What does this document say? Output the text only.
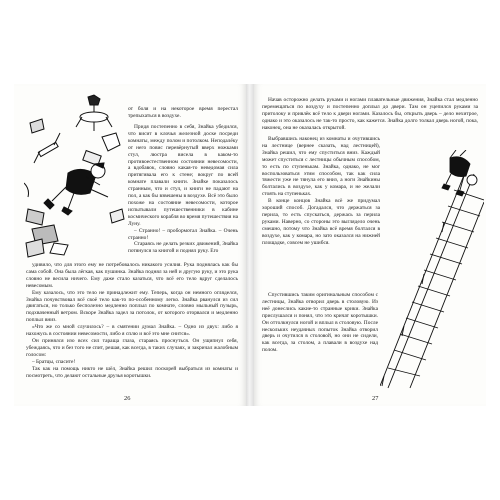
от боля и на некоторое время перестал трепыхаться в воздухе.

Придя постепенно в себя, Знайка убедился, что висит в клочья железной доске посреди комнаты, между полом и потолком. Неподалёку от него повис перевёрнутый вверх ножками стул, люстра висела в каком-то противоестественном состоянии невесомости, а вдобавок, словно какая-то неведомая сила притягивала его к стене; вокруг по всей комнате плавали книги. Знайке показалось странным, что и стул, и книги не падают на пол, а как бы взвешены в воздухе. Всё это было похоже на состояние невесомости, которое испытывали путешественники в кабине космического корабля во время путешествия на Луну.

– Странно! – пробормотал Знайка. – Очень странно!

Стараясь не делать резких движений, Знайка потянулся за книгой и поднял руку. Его

удивило, что для этого ему не потребовалось никакого усилия. Рука поднялась как бы сама собой. Она была лёгкая, как пушинка. Знайка поднял за ней и другую руку, и это рука словно не весила ничего. Ему даже стало казаться, что всё его тело вдруг сделалось невесомым.

Ему казалось, что это тело не принадлежит ему. Теперь, когда он немного огляделся, Знайка почувствовал всё своё тело как-то по-особенному легко. Знайка рванулся из сил двигаться, но только бесполезно медленно поплыл по комнате, словно мыльный пузырь, подхваченный ветром. Вскоре Знайка задел за потолок, от которого оторвался и медленно поплыл вниз.

«Что же со мной случилось? – в смятении думал Знайка. – Одно из двух: либо я нахожусь в состоянии невесомости, либо я сплю и всё это мне снится».

Он принялся изо всех сил тараща глаза, стараясь проснуться. Он ущипнул себя, убеждаясь, что и без того не спит, решая, как всегда, в таких случаях, и закричал жалобным голосом:

– Братцы, спасите!

Так как на помощь никто не шёл, Знайка решил поскорей выбраться из комнаты и посмотреть, что делают остальные друзья коротышки.

26

Начав осторожно делать руками и ногами плавательные движения, Знайка стал медленно перемещаться по воздуху и постепенно доплыл до двери. Там он уцепился руками за притолоку и привлёк всё тело к двери ногами. Казалось бы, открыть дверь – дело нехитрое, однако и это оказалось не так-то просто, как кажется. Знайка долго толкал дверь ногой, пока, наконец, она не оказалась открытой.

Выбравшись наконец из комнаты и очутившись на лестнице (вернее сказать, над лестницей), Знайка решил, что ему спуститься вниз. Каждый может спуститься с лестницы обычным способом, то есть по ступенькам. Знайка, однако, не мог воспользоваться этим способом, так как сила тяжести уже не тянула его вниз, а ноги Знайкины болтались в воздухе, как у комара, и не желали стоять на ступеньках.

В конце концов Знайка всё же придумал хороший способ. Догадался, что держаться за перила, то есть спускаться, держась за перила руками. Наверно, со стороны это выглядело очень смешно, потому что Знайка всё время болтался в воздухе, как у комара, но зато оказался на нижней площадке, совсем не ушибся.

Спустившись таким оригинальным способом с лестницы, Знайка отворил дверь в столовую. Из неё донеслись какие-то странные крики. Знайка прислушался и понял, что это кричат коротышки. Он оттолкнулся ногой и вплыл в столовую. После нескольких неудачных попыток Знайка отворил дверь и очутился в столовой, но они не сидели, как всегда, за столом, а плавали в воздухе над полом.

27
